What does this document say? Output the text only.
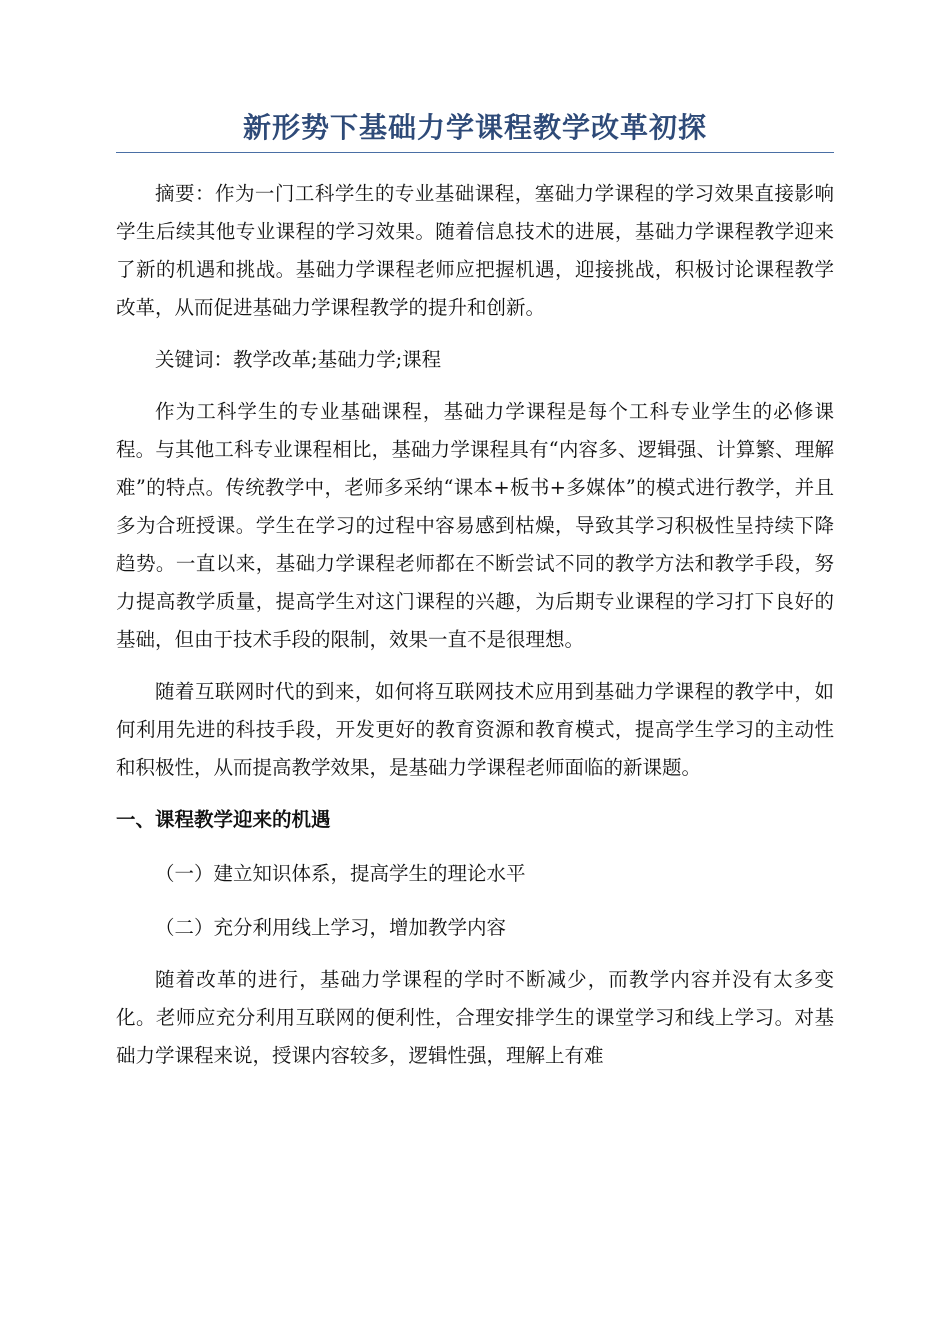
新形势下基础力学课程教学改革初探

摘要：作为一门工科学生的专业基础课程，塞础力学课程的学习效果直接影响学生后续其他专业课程的学习效果。随着信息技术的进展，基础力学课程教学迎来了新的机遇和挑战。基础力学课程老师应把握机遇，迎接挑战，积极讨论课程教学改革，从而促进基础力学课程教学的提升和创新。

关键词：教学改革;基础力学;课程

作为工科学生的专业基础课程，基础力学课程是每个工科专业学生的必修课程。与其他工科专业课程相比，基础力学课程具有“内容多、逻辑强、计算繁、理解难”的特点。传统教学中，老师多采纳“课本+板书+多媒体”的模式进行教学，并且多为合班授课。学生在学习的过程中容易感到枯燥，导致其学习积极性呈持续下降趋势。一直以来，基础力学课程老师都在不断尝试不同的教学方法和教学手段，努力提高教学质量，提高学生对这门课程的兴趣，为后期专业课程的学习打下良好的基础，但由于技术手段的限制，效果一直不是很理想。

随着互联网时代的到来，如何将互联网技术应用到基础力学课程的教学中，如何利用先进的科技手段，开发更好的教育资源和教育模式，提高学生学习的主动性和积极性，从而提高教学效果，是基础力学课程老师面临的新课题。

一、课程教学迎来的机遇

（一）建立知识体系，提高学生的理论水平

（二）充分利用线上学习，增加教学内容

随着改革的进行，基础力学课程的学时不断减少，而教学内容并没有太多变化。老师应充分利用互联网的便利性，合理安排学生的课堂学习和线上学习。对基础力学课程来说，授课内容较多，逻辑性强，理解上有难
